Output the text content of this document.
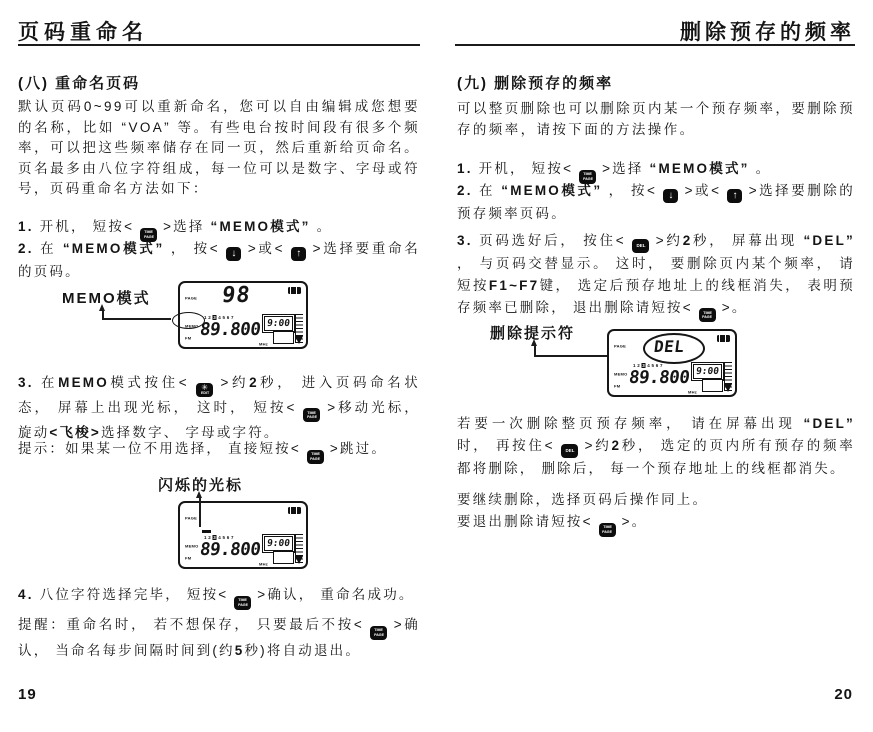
页码重命名
(八) 重命名页码

默认页码0~99可以重新命名，您可以自由编辑成您想要的名称，比如 “VOA” 等。有些电台按时间段有很多个频率，可以把这些频率储存在同一页，然后重新给页命名。页名最多由八位字符组成，每一位可以是数字、字母或符号，页码重命名方法如下：

1. 开机， 短按< TIME
PAGE
>选择 “MEMO模式” 。
2. 在 “MEMO模式” ， 按< ↓ >或< ↑ >选择要重命名的页码。
MEMO模式	PAGE	98
MEMO
FM
1 2 3 4 5 6 7
89.800
MHz
9:00
3. 在MEMO模式按住< ✳
EDIT
>约2秒， 进入页码命名状态， 屏幕上出现光标， 这时， 短按< TIME
PAGE
>移动光标， 旋动<飞梭>选择数字、 字母或字符。
提示：如果某一位不用选择， 直接短按< TIME
PAGE
>跳过。
闪烁的光标
PAGE
MEMO
FM
1 2 3 4 5 6 7
89.800
MHz
9:00
4. 八位字符选择完毕， 短按< TIME
PAGE
>确认， 重命名成功。
提醒：重命名时， 若不想保存， 只要最后不按< TIME
PAGE
>确认， 当命名每步间隔时间到(约5秒)将自动退出。
19
删除预存的频率
(九) 删除预存的频率

可以整页删除也可以删除页内某一个预存频率，要删除预存的频率，请按下面的方法操作。

1. 开机， 短按< TIME
PAGE
>选择 “MEMO模式” 。
2. 在 “MEMO模式” ， 按< ↓ >或< ↑ >选择要删除的预存频率页码。
3. 页码选好后， 按住< DEL >约2秒， 屏幕出现 “DEL” ， 与页码交替显示。 这时， 要删除页内某个频率， 请短按F1~F7键， 选定后预存地址上的线框消失， 表明预存频率已删除， 退出删除请短按< TIME
PAGE
>。
删除提示符
PAGE	DEL
MEMO
FM
1 2 3 4 5 6 7
89.800
MHz
9:00
若要一次删除整页预存频率， 请在屏幕出现 “DEL” 时， 再按住< DEL >约2秒， 选定的页内所有预存的频率都将删除， 删除后， 每一个预存地址上的线框都消失。
要继续删除，选择页码后操作同上。
要退出删除请短按< TIME
PAGE
>。
20
